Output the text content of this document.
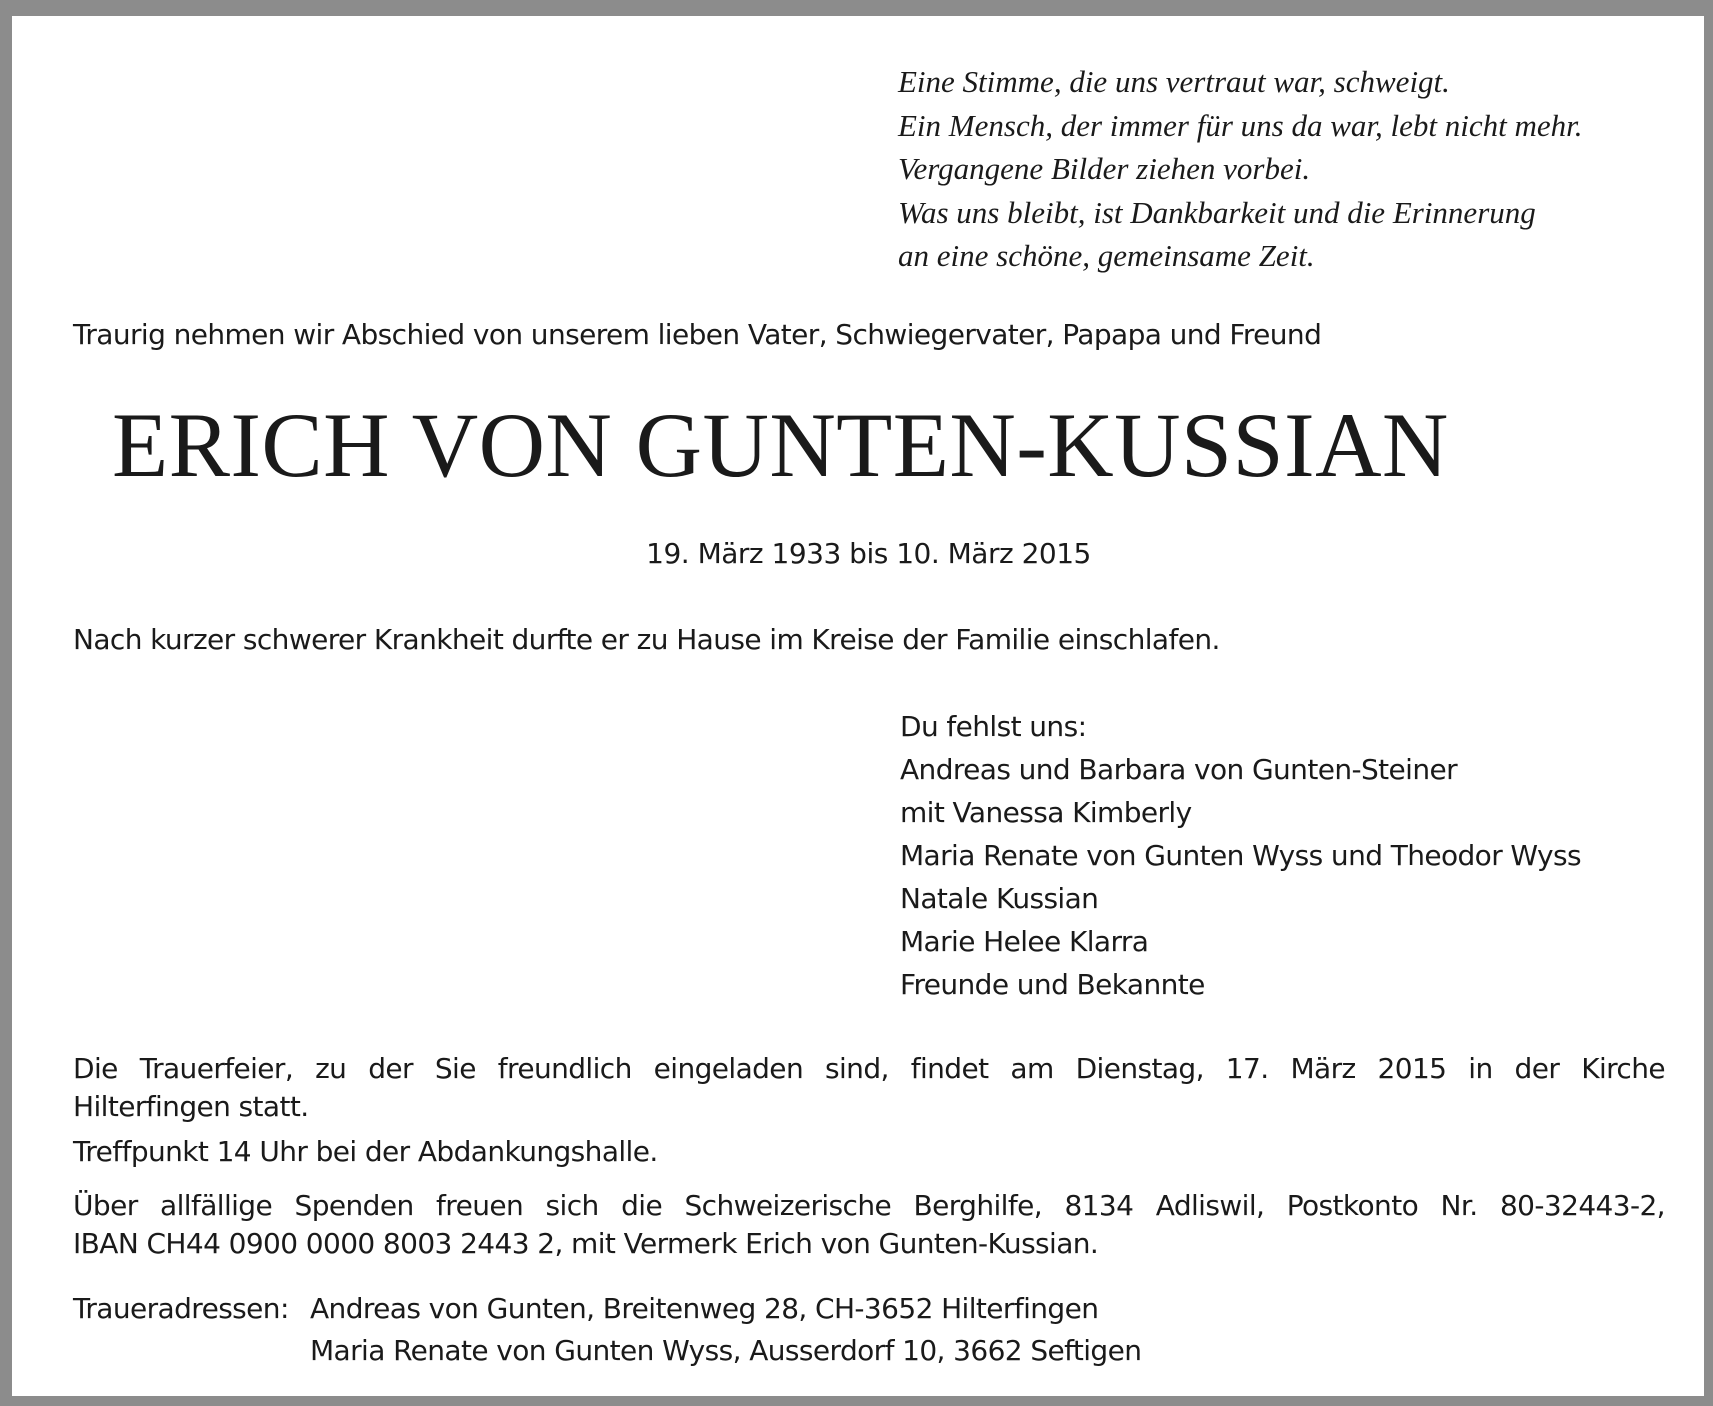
Eine Stimme, die uns vertraut war, schweigt.
Ein Mensch, der immer für uns da war, lebt nicht mehr.
Vergangene Bilder ziehen vorbei.
Was uns bleibt, ist Dankbarkeit und die Erinnerung
an eine schöne, gemeinsame Zeit.
Traurig nehmen wir Abschied von unserem lieben Vater, Schwiegervater, Papapa und Freund
ERICH VON GUNTEN-KUSSIAN
19. März 1933 bis 10. März 2015
Nach kurzer schwerer Krankheit durfte er zu Hause im Kreise der Familie einschlafen.
Du fehlst uns:
Andreas und Barbara von Gunten-Steiner
mit Vanessa Kimberly
Maria Renate von Gunten Wyss und Theodor Wyss
Natale Kussian
Marie Helee Klarra
Freunde und Bekannte
Die Trauerfeier, zu der Sie freundlich eingeladen sind, findet am Dienstag, 17. März 2015 in der Kirche
Hilterfingen statt.
Treffpunkt 14 Uhr bei der Abdankungshalle.
Über allfällige Spenden freuen sich die Schweizerische Berghilfe, 8134 Adliswil, Postkonto Nr. 80-32443-2,
IBAN CH44 0900 0000 8003 2443 2, mit Vermerk Erich von Gunten-Kussian.
Traueradressen: Andreas von Gunten, Breitenweg 28, CH-3652 Hilterfingen
Maria Renate von Gunten Wyss, Ausserdorf 10, 3662 Seftigen
